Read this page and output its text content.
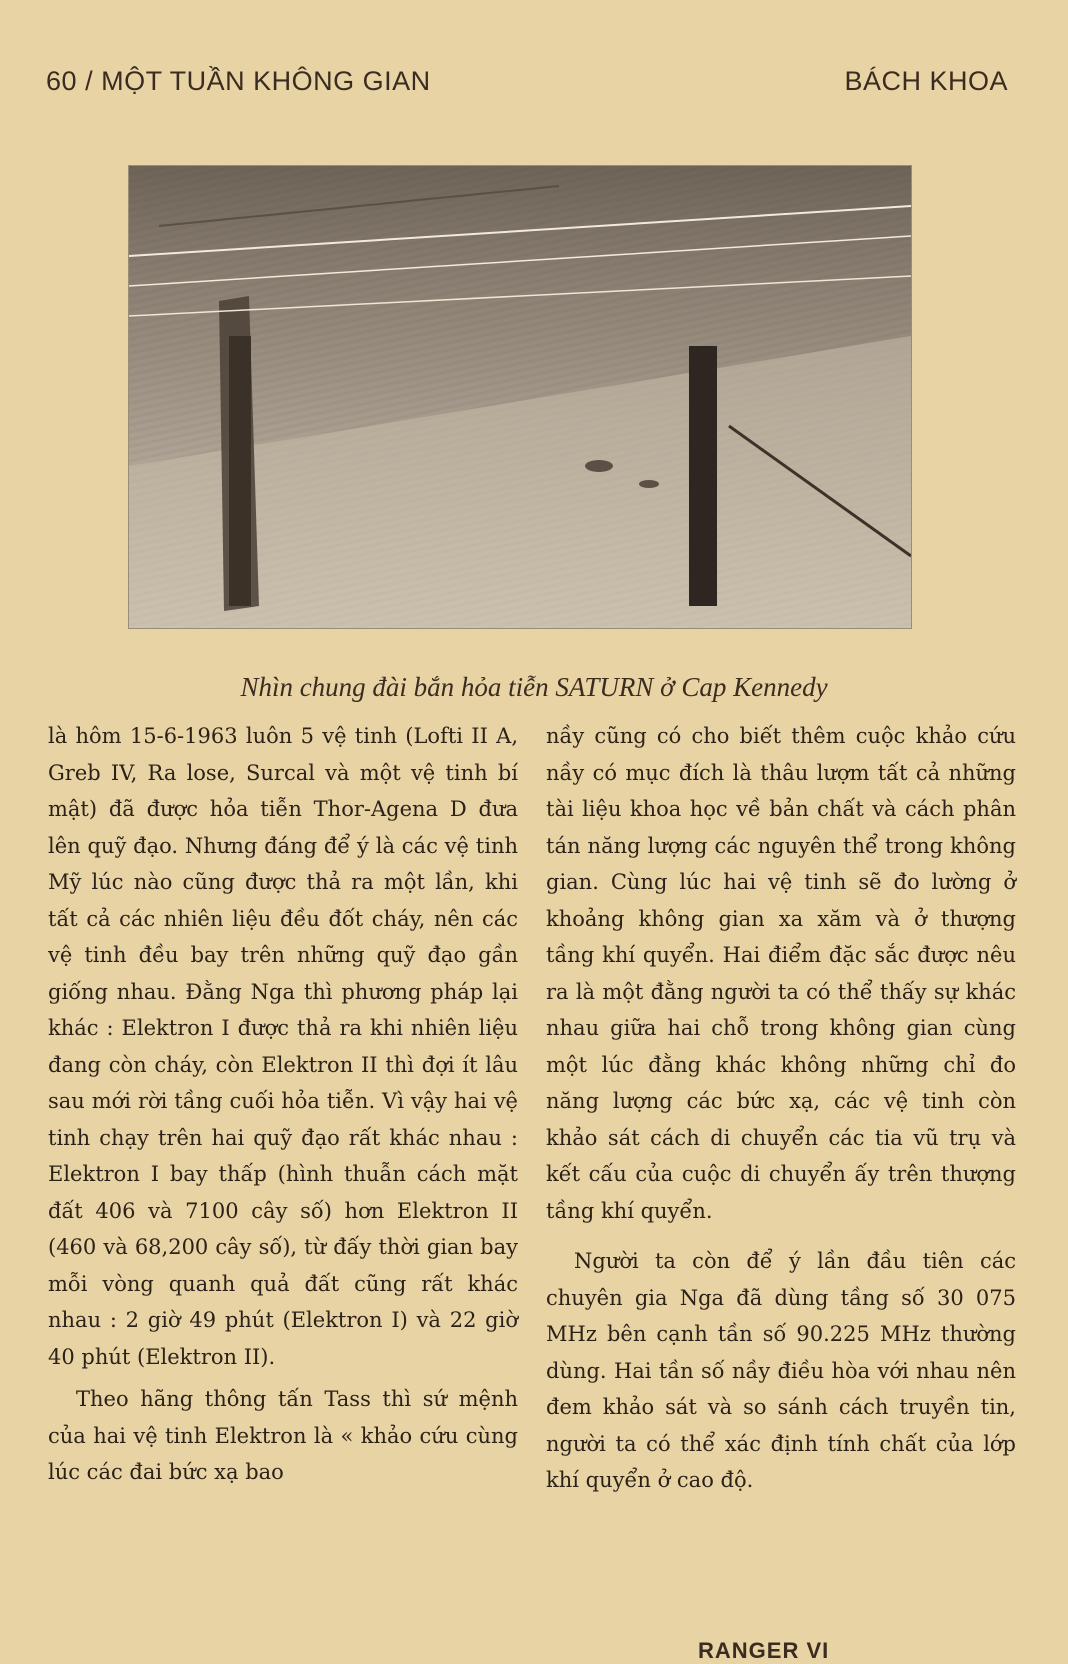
60 / MỘT TUẦN KHÔNG GIAN	BÁCH KHOA
Nhìn chung đài bắn hỏa tiễn SATURN ở Cap Kennedy

là hôm 15-6-1963 luôn 5 vệ tinh (Lofti II A, Greb IV, Ra lose, Surcal và một vệ tinh bí mật) đã được hỏa tiễn Thor-Agena D đưa lên quỹ đạo. Nhưng đáng để ý là các vệ tinh Mỹ lúc nào cũng được thả ra một lần, khi tất cả các nhiên liệu đều đốt cháy, nên các vệ tinh đều bay trên những quỹ đạo gần giống nhau. Đằng Nga thì phương pháp lại khác : Elektron I được thả ra khi nhiên liệu đang còn cháy, còn Elektron II thì đợi ít lâu sau mới rời tầng cuối hỏa tiễn. Vì vậy hai vệ tinh chạy trên hai quỹ đạo rất khác nhau : Elektron I bay thấp (hình thuẫn cách mặt đất 406 và 7100 cây số) hơn Elektron II (460 và 68,200 cây số), từ đấy thời gian bay mỗi vòng quanh quả đất cũng rất khác nhau : 2 giờ 49 phút (Elektron I) và 22 giờ 40 phút (Elektron II).

Theo hãng thông tấn Tass thì sứ mệnh của hai vệ tinh Elektron là « khảo cứu cùng lúc các đai bức xạ bao

nầy cũng có cho biết thêm cuộc khảo cứu nầy có mục đích là thâu lượm tất cả những tài liệu khoa học về bản chất và cách phân tán năng lượng các nguyên thể trong không gian. Cùng lúc hai vệ tinh sẽ đo lường ở khoảng không gian xa xăm và ở thượng tầng khí quyển. Hai điểm đặc sắc được nêu ra là một đằng người ta có thể thấy sự khác nhau giữa hai chỗ trong không gian cùng một lúc đằng khác không những chỉ đo năng lượng các bức xạ, các vệ tinh còn khảo sát cách di chuyển các tia vũ trụ và kết cấu của cuộc di chuyển ấy trên thượng tầng khí quyển.

Người ta còn để ý lần đầu tiên các chuyên gia Nga đã dùng tầng số 30 075 MHz bên cạnh tần số 90.225 MHz thường dùng. Hai tần số nầy điều hòa với nhau nên đem khảo sát và so sánh cách truyền tin, người ta có thể xác định tính chất của lớp khí quyển ở cao độ.

RANGER VI
